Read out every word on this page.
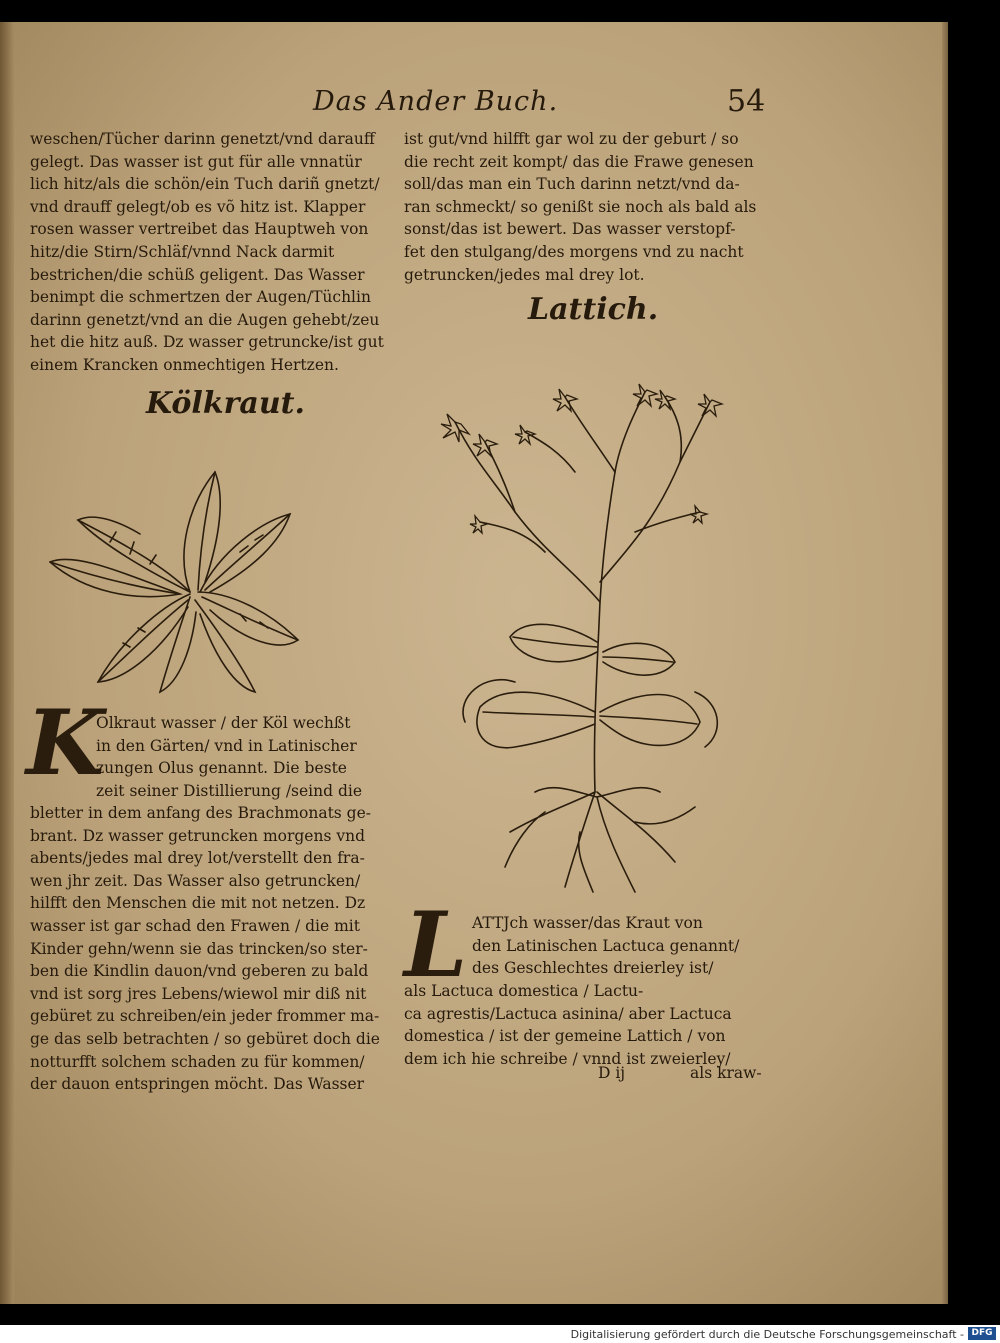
Das Ander Buch.	54
weschen/Tücher darinn genetzt/vnd darauff
gelegt. Das wasser ist gut für alle vnnatür
lich hitz/als die schön/ein Tuch dariñ gnetzt/
vnd drauff gelegt/ob es võ hitz ist. Klapper
rosen wasser vertreibet das Hauptweh von
hitz/die Stirn/Schläf/vnnd Nack darmit
bestrichen/die schüß geligent. Das Wasser
benimpt die schmertzen der Augen/Tüchlin
darinn genetzt/vnd an die Augen gehebt/zeu
het die hitz auß. Dz wasser getruncke/ist gut
einem Krancken onmechtigen Hertzen.
Kölkraut.
K
Olkraut wasser / der Köl wechßt
in den Gärten/ vnd in Latinischer
zungen Olus genannt. Die beste
zeit seiner Distillierung /seind die
bletter in dem anfang des Brachmonats ge-
brant. Dz wasser getruncken morgens vnd
abents/jedes mal drey lot/verstellt den fra-
wen jhr zeit. Das Wasser also getruncken/
hilfft den Menschen die mit not netzen. Dz
wasser ist gar schad den Frawen / die mit
Kinder gehn/wenn sie das trincken/so ster-
ben die Kindlin dauon/vnd geberen zu bald
vnd ist sorg jres Lebens/wiewol mir diß nit
gebüret zu schreiben/ein jeder frommer ma-
ge das selb betrachten / so gebüret doch die
notturfft solchem schaden zu für kommen/
der dauon entspringen möcht. Das Wasser
ist gut/vnd hilfft gar wol zu der geburt / so
die recht zeit kompt/ das die Frawe genesen
soll/das man ein Tuch darinn netzt/vnd da-
ran schmeckt/ so genißt sie noch als bald als
sonst/das ist bewert. Das wasser verstopf-
fet den stulgang/des morgens vnd zu nacht
getruncken/jedes mal drey lot.
Lattich.
L ATTJch wasser/das Kraut von
den Latinischen Lactuca genannt/
des Geschlechtes dreierley ist/
als Lactuca domestica / Lactu-
ca agrestis/Lactuca asinina/ aber Lactuca
domestica / ist der gemeine Lattich / von
dem ich hie schreibe / vnnd ist zweierley/
D ij	als kraw-
Digitalisierung gefördert durch die Deutsche Forschungsgemeinschaft - DFG
